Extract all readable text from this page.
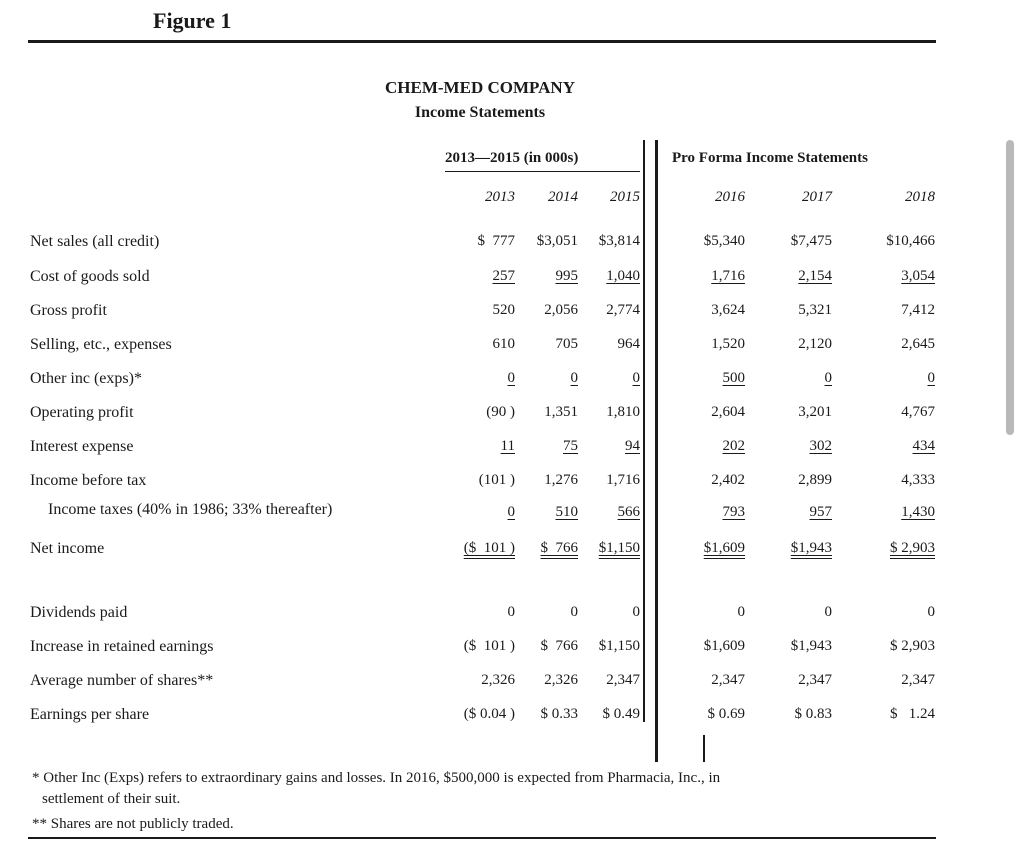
Figure 1
CHEM-MED COMPANY
Income Statements
2013—2015 (in 000s)	Pro Forma Income Statements
2013	2014	2015	2016	2017	2018
Net sales (all credit)	$  777	$3,051	$3,814	$5,340	$7,475	$10,466
Cost of goods sold	257	995	1,040	1,716	2,154	3,054
Gross profit	520	2,056	2,774	3,624	5,321	7,412
Selling, etc., expenses	610	705	964	1,520	2,120	2,645
Other inc (exps)*	0	0	0	500	0	0
Operating profit	(90 )	1,351	1,810	2,604	3,201	4,767
Interest expense	11	75	94	202	302	434
Income before tax	(101 )	1,276	1,716	2,402	2,899	4,333
Income taxes (40% in 1986; 33% thereafter)	0	510	566	793	957	1,430
Net income	($  101 )	$  766	$1,150	$1,609	$1,943	$ 2,903
Dividends paid	0	0	0	0	0	0
Increase in retained earnings	($  101 )	$  766	$1,150	$1,609	$1,943	$ 2,903
Average number of shares**	2,326	2,326	2,347	2,347	2,347	2,347
Earnings per share	($ 0.04 )	$ 0.33	$ 0.49	$ 0.69	$ 0.83	$   1.24
* Other Inc (Exps) refers to extraordinary gains and losses. In 2016, $500,000 is expected from Pharmacia, Inc., in
settlement of their suit.
** Shares are not publicly traded.
